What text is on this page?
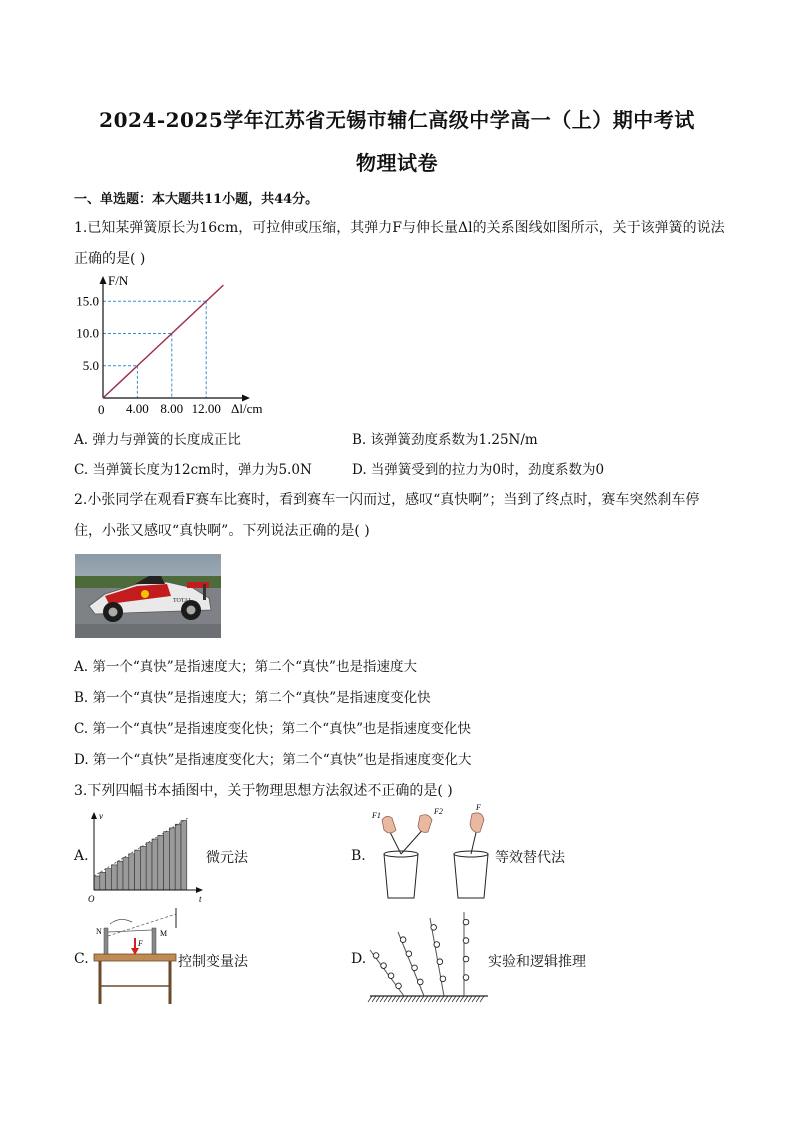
2024-2025学年江苏省无锡市辅仁高级中学高一（上）期中考试
物理试卷
一、单选题：本大题共11小题，共44分。
1.已知某弹簧原长为16cm，可拉伸或压缩，其弹力F与伸长量Δl的关系图线如图所示，关于该弹簧的说法
正确的是( )
4.00 8.00 12.00
5.0
10.0
15.0
F/N
Δl/cm
0
A. 弹力与弹簧的长度成正比	B. 该弹簧劲度系数为1.25N/m
C. 当弹簧长度为12cm时，弹力为5.0N	D. 当弹簧受到的拉力为0时，劲度系数为0
2.小张同学在观看F赛车比赛时，看到赛车一闪而过，感叹“真快啊”；当到了终点时，赛车突然刹车停
住，小张又感叹“真快啊”。下列说法正确的是( )
TOTAL
A. 第一个“真快”是指速度大；第二个“真快”也是指速度大
B. 第一个“真快”是指速度大；第二个“真快”是指速度变化快
C. 第一个“真快”是指速度变化快；第二个“真快”也是指速度变化快
D. 第一个“真快”是指速度变化大；第二个“真快”也是指速度变化大
3.下列四幅书本插图中，关于物理思想方法叙述不正确的是( )
A.
v
t
O
微元法	B.
F1	F2	F
等效替代法
C.
N	M
F
控制变量法	D.	实验和逻辑推理
